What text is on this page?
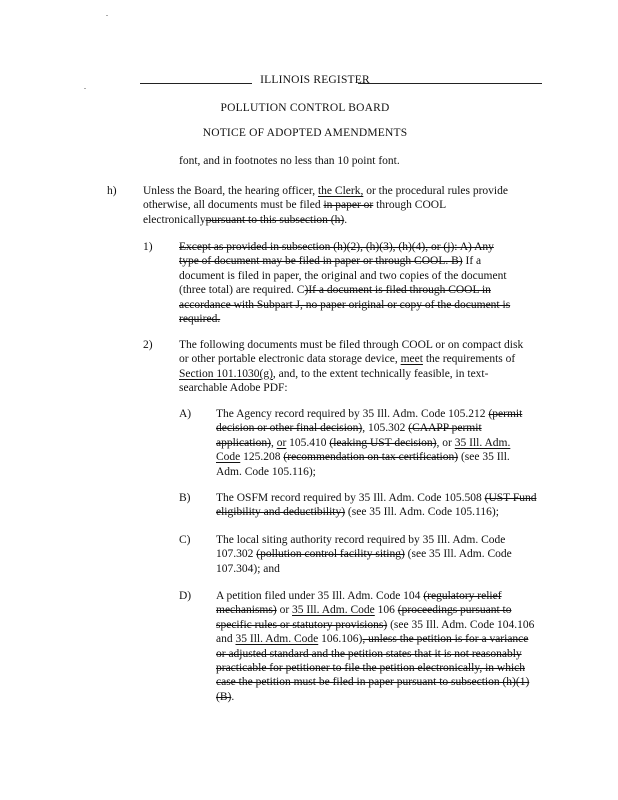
ILLINOIS REGISTER
POLLUTION CONTROL BOARD
NOTICE OF ADOPTED AMENDMENTS
font, and in footnotes no less than 10 point font.
h) Unless the Board, the hearing officer, the Clerk, or the procedural rules provide otherwise, all documents must be filed in paper or through COOL electronicallypursuant to this subsection (h).
1) Except as provided in subsection (h)(2), (h)(3), (h)(4), or (j): A) Any type of document may be filed in paper or through COOL. B) If a document is filed in paper, the original and two copies of the document (three total) are required. C)If a document is filed through COOL in accordance with Subpart J, no paper original or copy of the document is required.
2) The following documents must be filed through COOL or on compact disk or other portable electronic data storage device, meet the requirements of Section 101.1030(g), and, to the extent technically feasible, in text-searchable Adobe PDF:
A) The Agency record required by 35 Ill. Adm. Code 105.212 (permit decision or other final decision), 105.302 (CAAPP permit application), or 105.410 (leaking UST decision), or 35 Ill. Adm. Code 125.208 (recommendation on tax certification) (see 35 Ill. Adm. Code 105.116);
B) The OSFM record required by 35 Ill. Adm. Code 105.508 (UST Fund eligibility and deductibility) (see 35 Ill. Adm. Code 105.116);
C) The local siting authority record required by 35 Ill. Adm. Code 107.302 (pollution control facility siting) (see 35 Ill. Adm. Code 107.304); and
D) A petition filed under 35 Ill. Adm. Code 104 (regulatory relief mechanisms) or 35 Ill. Adm. Code 106 (proceedings pursuant to specific rules or statutory provisions) (see 35 Ill. Adm. Code 104.106 and 35 Ill. Adm. Code 106.106), unless the petition is for a variance or adjusted standard and the petition states that it is not reasonably practicable for petitioner to file the petition electronically, in which case the petition must be filed in paper pursuant to subsection (h)(1)(B).
